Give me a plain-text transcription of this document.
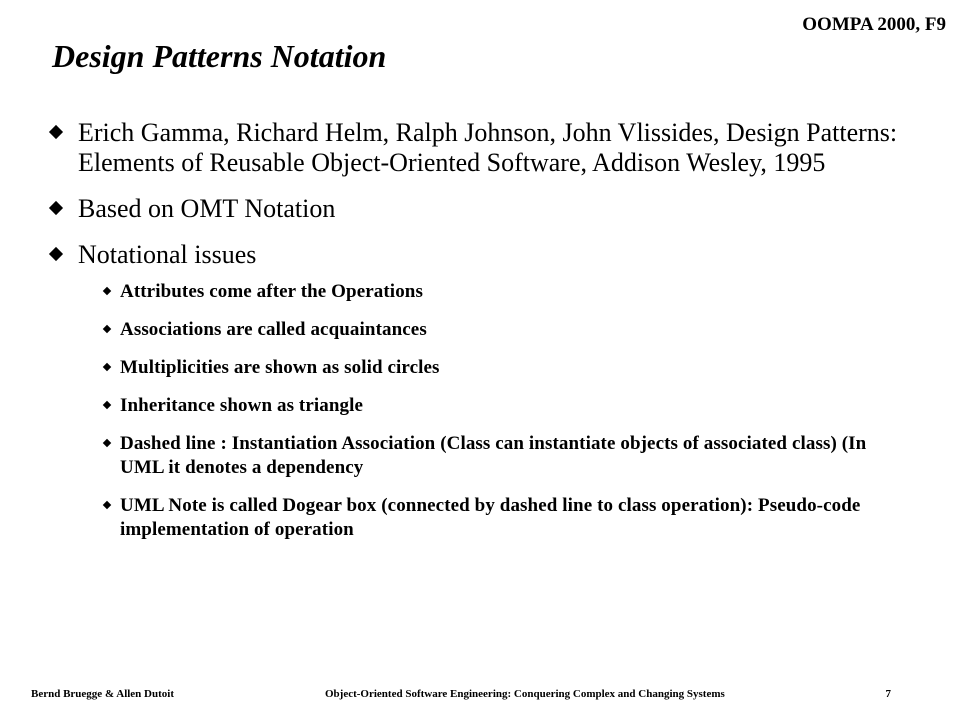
OOMPA 2000, F9
Design Patterns Notation
Erich Gamma, Richard Helm, Ralph Johnson, John Vlissides, Design Patterns: Elements of Reusable Object-Oriented Software, Addison Wesley, 1995
Based on OMT Notation
Notational issues
Attributes come after the Operations
Associations are called acquaintances
Multiplicities are shown as solid circles
Inheritance shown as triangle
Dashed line : Instantiation Association (Class can instantiate objects of associated class) (In UML it denotes a dependency
UML Note is called Dogear box (connected by dashed line to class operation): Pseudo-code implementation of operation
Bernd Bruegge & Allen Dutoit	Object-Oriented Software Engineering: Conquering Complex and Changing Systems	7
